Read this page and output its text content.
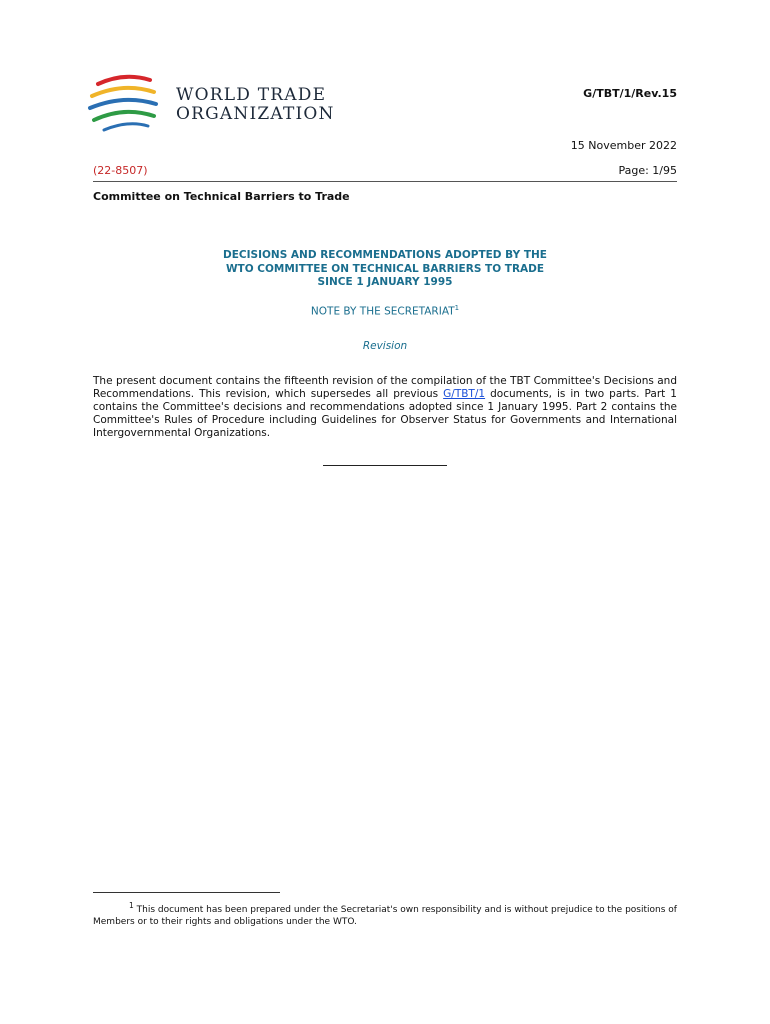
WORLD TRADE
ORGANIZATION
G/TBT/1/Rev.15
15 November 2022
(22-8507)	Page: 1/95
Committee on Technical Barriers to Trade
DECISIONS AND RECOMMENDATIONS ADOPTED BY THE
WTO COMMITTEE ON TECHNICAL BARRIERS TO TRADE
SINCE 1 JANUARY 1995
NOTE BY THE SECRETARIAT$^1$
Revision
The present document contains the fifteenth revision of the compilation of the TBT Committee's Decisions and Recommendations. This revision, which supersedes all previous G/TBT/1 documents, is in two parts. Part 1 contains the Committee's decisions and recommendations adopted since 1 January 1995. Part 2 contains the Committee's Rules of Procedure including Guidelines for Observer Status for Governments and International Intergovernmental Organizations.
$^1$ This document has been prepared under the Secretariat's own responsibility and is without prejudice to the positions of Members or to their rights and obligations under the WTO.
